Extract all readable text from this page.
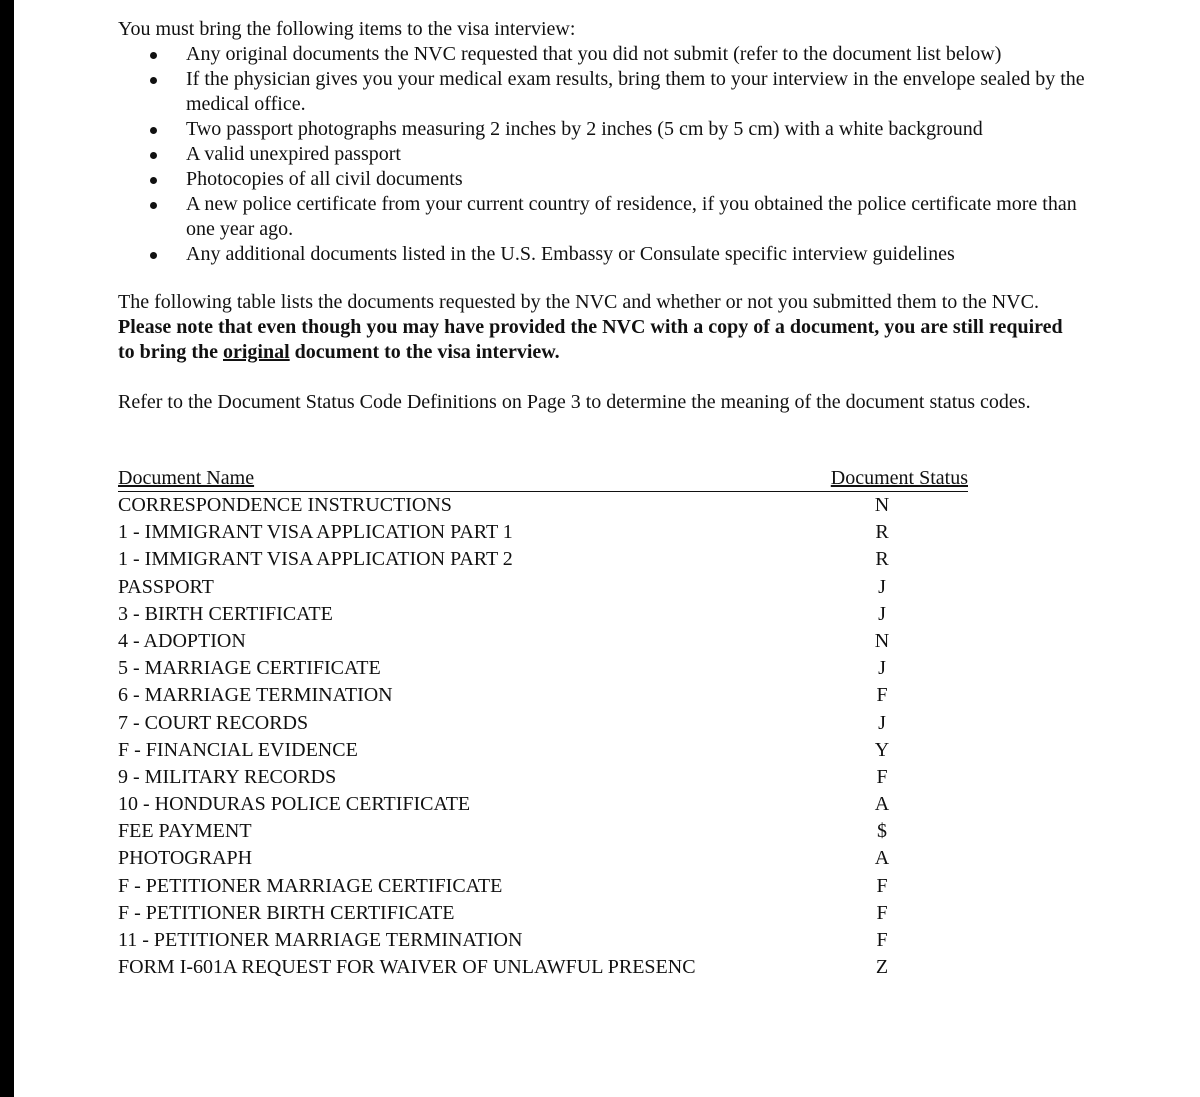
You must bring the following items to the visa interview:
Any original documents the NVC requested that you did not submit (refer to the document list below)
If the physician gives you your medical exam results, bring them to your interview in the envelope sealed by the medical office.
Two passport photographs measuring 2 inches by 2 inches (5 cm by 5 cm) with a white background
A valid unexpired passport
Photocopies of all civil documents
A new police certificate from your current country of residence, if you obtained the police certificate more than one year ago.
Any additional documents listed in the U.S. Embassy or Consulate specific interview guidelines
The following table lists the documents requested by the NVC and whether or not you submitted them to the NVC. Please note that even though you may have provided the NVC with a copy of a document, you are still required to bring the original document to the visa interview.
Refer to the Document Status Code Definitions on Page 3 to determine the meaning of the document status codes.
Document Name	Document Status
CORRESPONDENCE INSTRUCTIONS	N
1 - IMMIGRANT VISA APPLICATION PART 1	R
1 - IMMIGRANT VISA APPLICATION PART 2	R
PASSPORT	J
3 - BIRTH CERTIFICATE	J
4 - ADOPTION	N
5 - MARRIAGE CERTIFICATE	J
6 - MARRIAGE TERMINATION	F
7 - COURT RECORDS	J
F - FINANCIAL EVIDENCE	Y
9 - MILITARY RECORDS	F
10 - HONDURAS POLICE CERTIFICATE	A
FEE PAYMENT	$
PHOTOGRAPH	A
F - PETITIONER MARRIAGE CERTIFICATE	F
F - PETITIONER BIRTH CERTIFICATE	F
11 - PETITIONER MARRIAGE TERMINATION	F
FORM I-601A REQUEST FOR WAIVER OF UNLAWFUL PRESENC	Z
